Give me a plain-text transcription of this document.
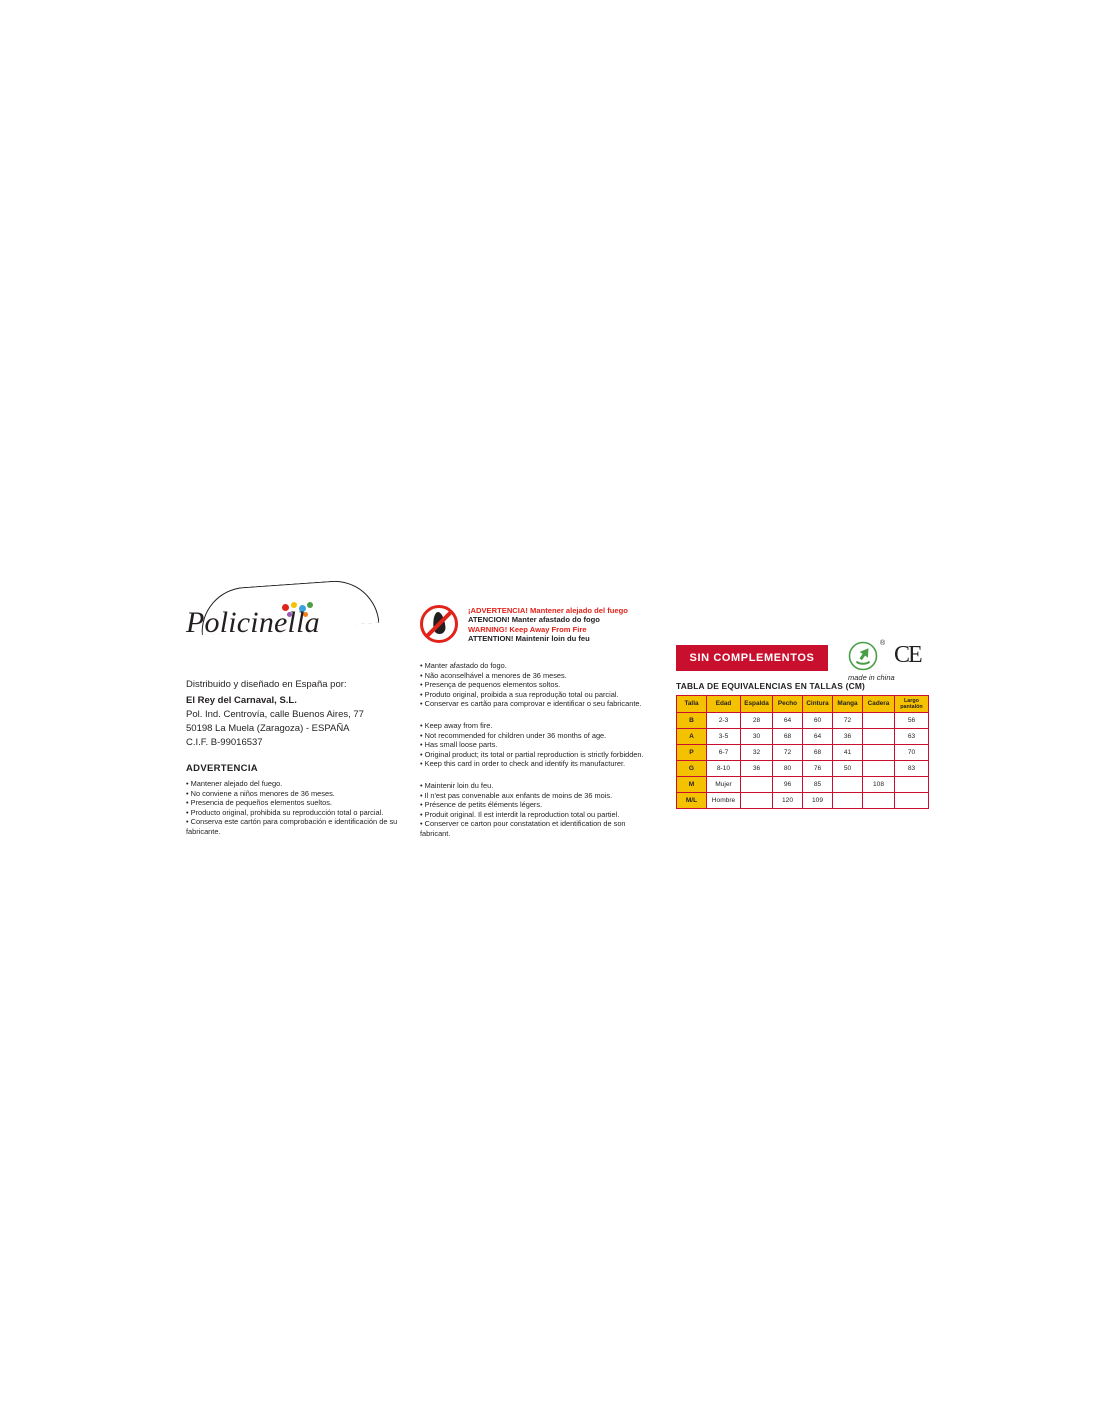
Policinella
Distribuido y diseñado en España por:
El Rey del Carnaval, S.L.
Pol. Ind. Centrovía, calle Buenos Aires, 77
50198 La Muela (Zaragoza) - ESPAÑA
C.I.F. B-99016537
ADVERTENCIA
• Mantener alejado del fuego.
• No conviene a niños menores de 36 meses.
• Presencia de pequeños elementos sueltos.
• Producto original, prohibida su reproducción total o parcial.
• Conserva este cartón para comprobación e identificación de su fabricante.
¡ADVERTENCIA! Mantener alejado del fuego
ATENCION! Manter afastado do fogo
WARNING! Keep Away From Fire
ATTENTION! Maintenir loin du feu
• Manter afastado do fogo.
• Não aconselhável a menores de 36 meses.
• Presença de pequenos elementos soltos.
• Produto original, proibida a sua reprodução total ou parcial.
• Conservar es cartão para comprovar e identificar o seu fabricante.
• Keep away from fire.
• Not recommended for children under 36 months of age.
• Has small loose parts.
• Original product; its total or partial reproduction is strictly forbidden.
• Keep this card in order to check and identify its manufacturer.
• Maintenir loin du feu.
• Il n'est pas convenable aux enfants de moins de 36 mois.
• Présence de petits éléments légers.
• Produit original. Il est interdit la reproduction total ou partiel.
• Conserver ce carton pour constatation et identification de son fabricant.
SIN COMPLEMENTOS
® CE
made in china
TABLA DE EQUIVALENCIAS EN TALLAS (CM)
Talla	Edad	Espalda	Pecho	Cintura	Manga	Cadera	Largo pantalón
B	2-3	28	64	60	72		56
A	3-5	30	68	64	36		63
P	6-7	32	72	68	41		70
G	8-10	36	80	76	50		83
M	Mujer		96	85		108	
M/L	Hombre		120	109			
